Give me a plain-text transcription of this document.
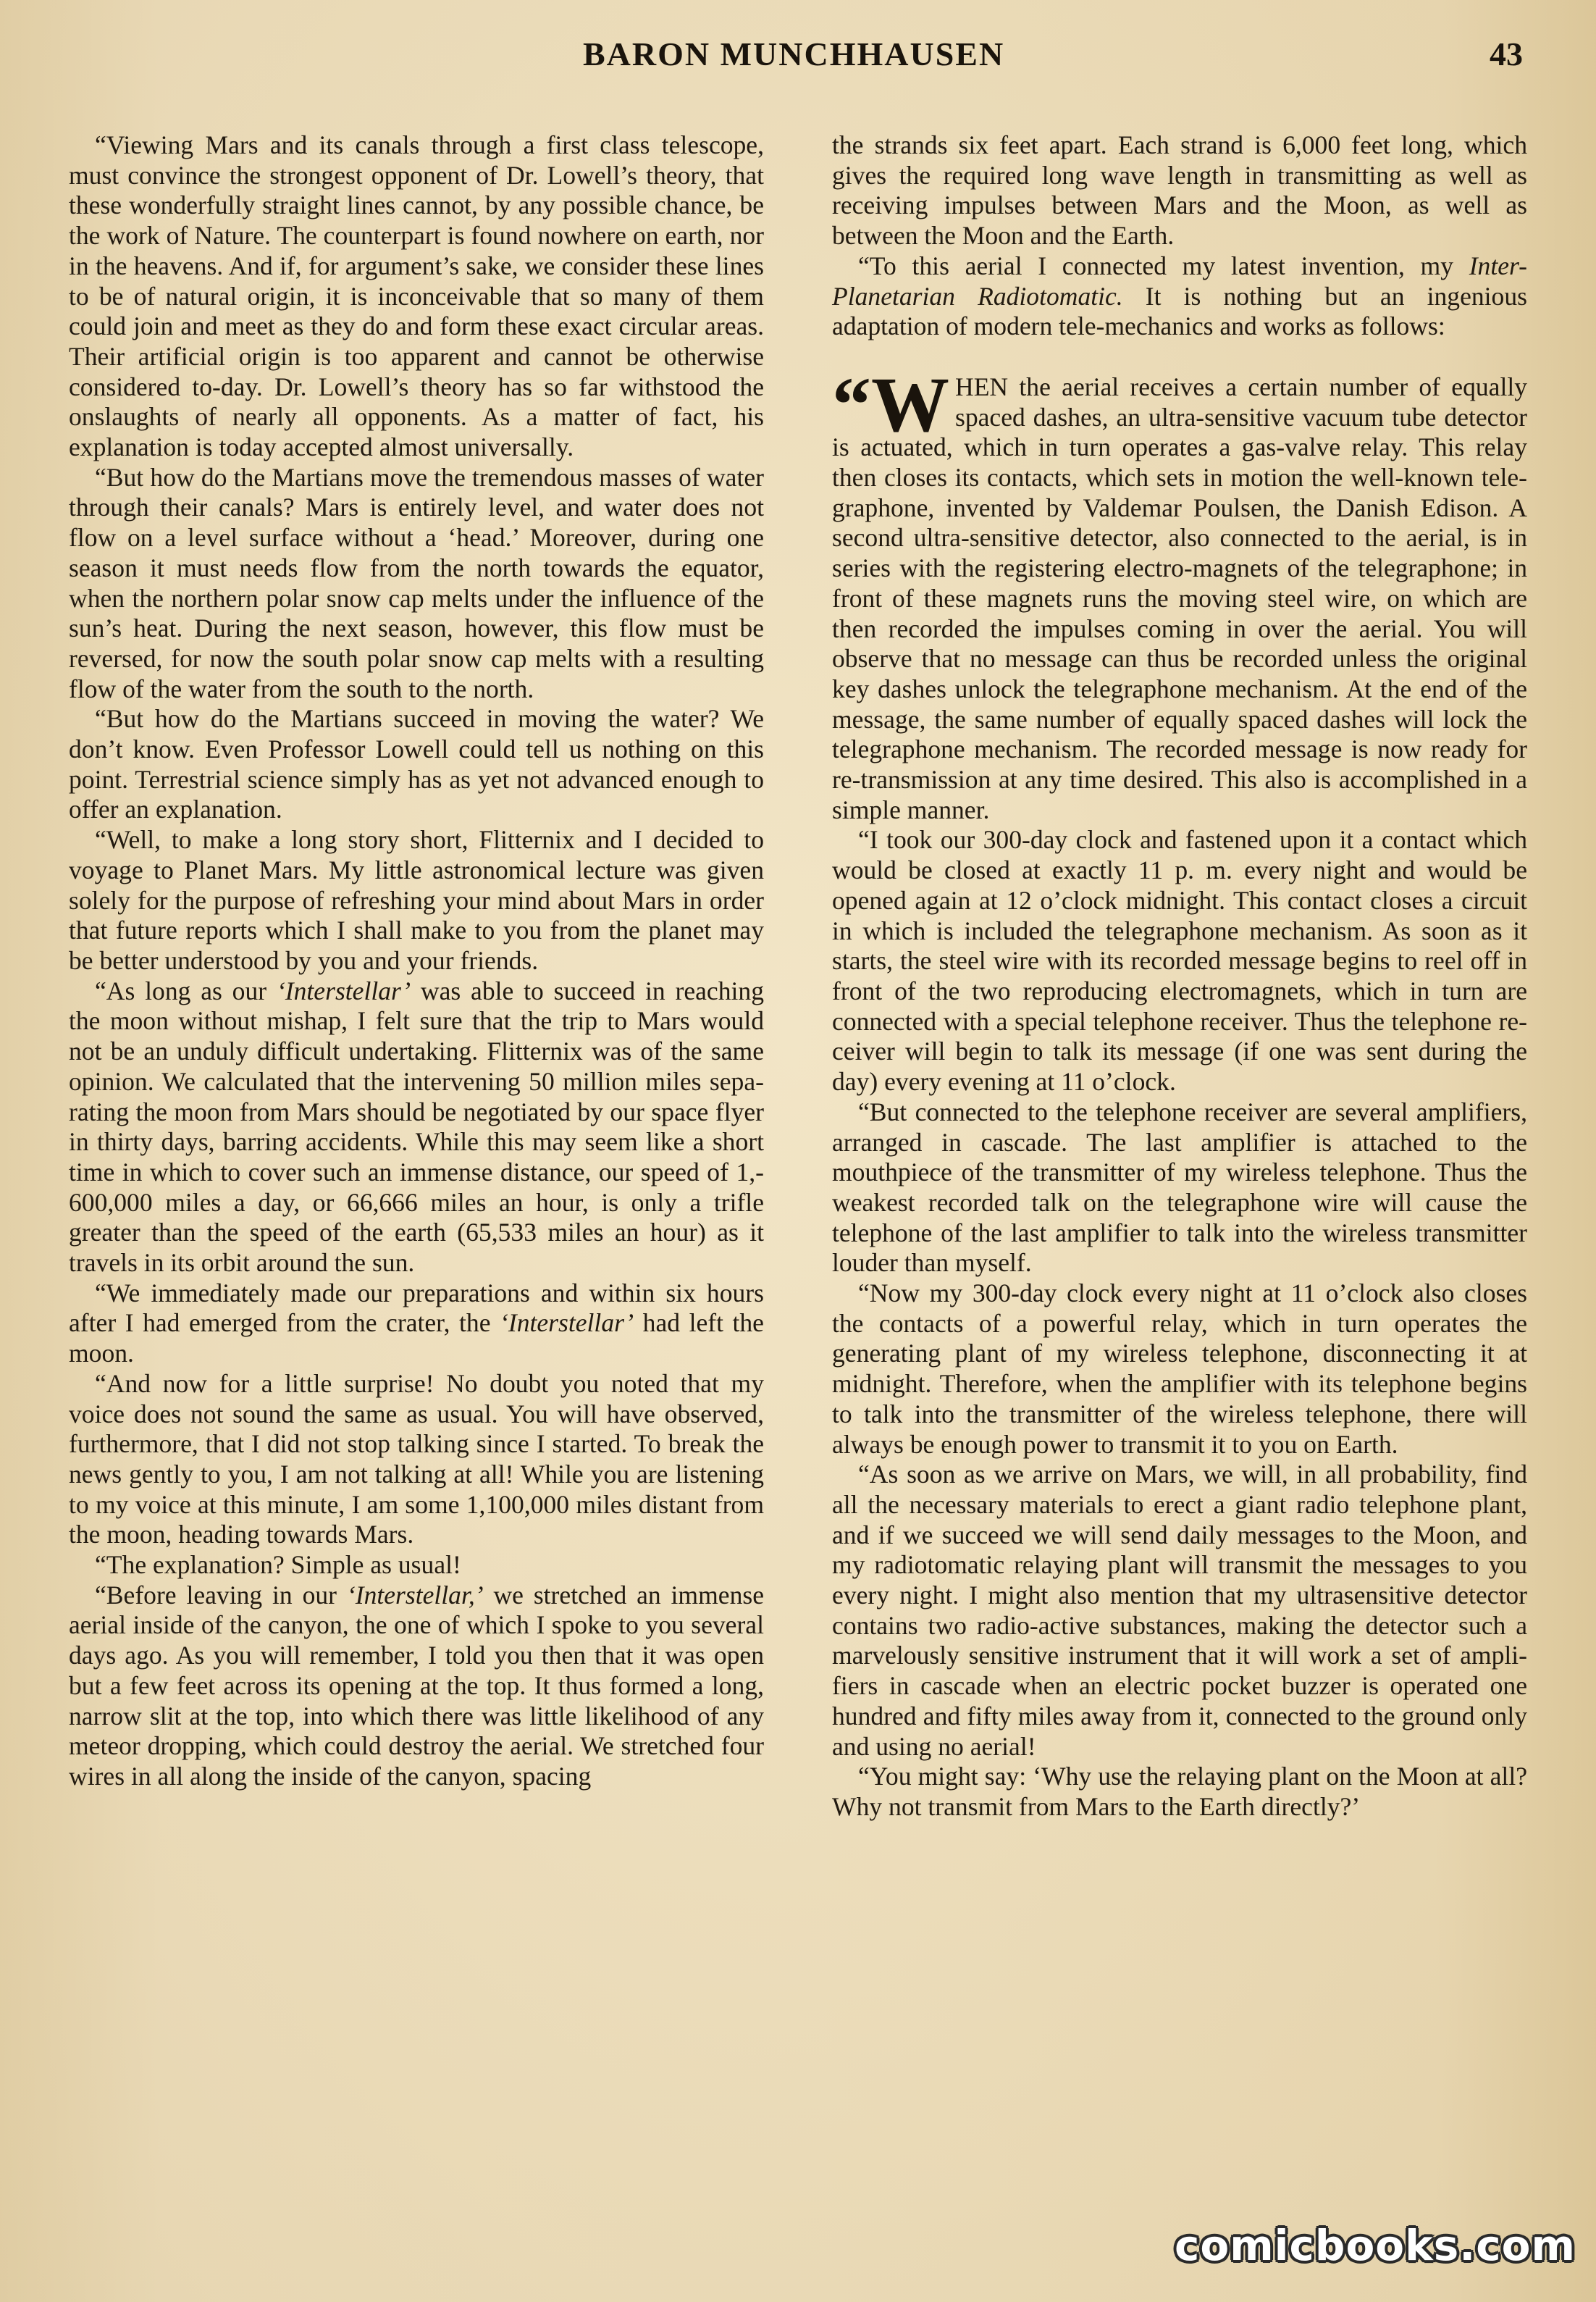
BARON MUNCHHAUSEN	43

“Viewing Mars and its canals through a first class telescope, must convince the strongest opponent of Dr. Lowell’s theory, that these wonderfully straight lines cannot, by any possible chance, be the work of Nature. The counterpart is found nowhere on earth, nor in the heavens. And if, for argument’s sake, we consider these lines to be of natural origin, it is inconceivable that so many of them could join and meet as they do and form these exact circular areas. Their artificial origin is too apparent and cannot be otherwise considered to-day. Dr. Lowell’s theory has so far withstood the onslaughts of nearly all opponents. As a matter of fact, his explanation is today accepted almost universally.

“But how do the Martians move the tremendous masses of water through their canals? Mars is entirely level, and water does not flow on a level surface without a ‘head.’ Moreover, during one season it must needs flow from the north towards the equator, when the northern polar snow cap melts under the influence of the sun’s heat. During the next season, however, this flow must be reversed, for now the south polar snow cap melts with a resulting flow of the water from the south to the north.

“But how do the Martians succeed in moving the water? We don’t know. Even Professor Lowell could tell us nothing on this point. Terrestrial science simply has as yet not advanced enough to offer an explanation.

“Well, to make a long story short, Flitternix and I decided to voyage to Planet Mars. My little astronomical lecture was given solely for the purpose of refreshing your mind about Mars in order that future reports which I shall make to you from the planet may be better understood by you and your friends.

“As long as our ‘Interstellar’ was able to succeed in reaching the moon without mishap, I felt sure that the trip to Mars would not be an unduly difficult undertaking. Flitternix was of the same opinion. We calculated that the intervening 50 million miles separating the moon from Mars should be negotiated by our space flyer in thirty days, barring accidents. While this may seem like a short time in which to cover such an immense distance, our speed of 1,600,000 miles a day, or 66,666 miles an hour, is only a trifle greater than the speed of the earth (65,533 miles an hour) as it travels in its orbit around the sun.

“We immediately made our preparations and within six hours after I had emerged from the crater, the ‘Interstellar’ had left the moon.

“And now for a little surprise! No doubt you noted that my voice does not sound the same as usual. You will have observed, furthermore, that I did not stop talking since I started. To break the news gently to you, I am not talking at all! While you are listening to my voice at this minute, I am some 1,100,000 miles distant from the moon, heading towards Mars.

“The explanation? Simple as usual!

“Before leaving in our ‘Interstellar,’ we stretched an immense aerial inside of the canyon, the one of which I spoke to you several days ago. As you will remember, I told you then that it was open but a few feet across its opening at the top. It thus formed a long, narrow slit at the top, into which there was little likelihood of any meteor dropping, which could destroy the aerial. We stretched four wires in all along the inside of the canyon, spacing

the strands six feet apart. Each strand is 6,000 feet long, which gives the required long wave length in transmitting as well as receiving impulses between Mars and the Moon, as well as between the Moon and the Earth.

“To this aerial I connected my latest invention, my Inter-Planetarian Radiotomatic. It is nothing but an ingenious adaptation of modern tele-mechanics and works as follows:

“W HEN the aerial receives a certain number of equally spaced dashes, an ultra-sensitive vacuum tube detector is actuated, which in turn operates a gas-valve relay. This relay then closes its contacts, which sets in motion the well-known telegraphone, invented by Valdemar Poulsen, the Danish Edison. A second ultra-sensitive detector, also connected to the aerial, is in series with the registering electro-magnets of the telegraphone; in front of these magnets runs the moving steel wire, on which are then recorded the impulses coming in over the aerial. You will observe that no message can thus be recorded unless the original key dashes unlock the telegraphone mechanism. At the end of the message, the same number of equally spaced dashes will lock the telegraphone mechanism. The recorded message is now ready for re-transmission at any time desired. This also is accomplished in a simple manner.

“I took our 300-day clock and fastened upon it a contact which would be closed at exactly 11 p. m. every night and would be opened again at 12 o’clock midnight. This contact closes a circuit in which is included the telegraphone mechanism. As soon as it starts, the steel wire with its recorded message begins to reel off in front of the two reproducing electromagnets, which in turn are connected with a special telephone receiver. Thus the telephone receiver will begin to talk its message (if one was sent during the day) every evening at 11 o’clock.

“But connected to the telephone receiver are several amplifiers, arranged in cascade. The last amplifier is attached to the mouthpiece of the transmitter of my wireless telephone. Thus the weakest recorded talk on the telegraphone wire will cause the telephone of the last amplifier to talk into the wireless transmitter louder than myself.

“Now my 300-day clock every night at 11 o’clock also closes the contacts of a powerful relay, which in turn operates the generating plant of my wireless telephone, disconnecting it at midnight. Therefore, when the amplifier with its telephone begins to talk into the transmitter of the wireless telephone, there will always be enough power to transmit it to you on Earth.

“As soon as we arrive on Mars, we will, in all probability, find all the necessary materials to erect a giant radio telephone plant, and if we succeed we will send daily messages to the Moon, and my radiotomatic relaying plant will transmit the messages to you every night. I might also mention that my ultrasensitive detector contains two radio-active substances, making the detector such a marvelously sensitive instrument that it will work a set of amplifiers in cascade when an electric pocket buzzer is operated one hundred and fifty miles away from it, connected to the ground only and using no aerial!

“You might say: ‘Why use the relaying plant on the Moon at all? Why not transmit from Mars to the Earth directly?’

comicbooks.com
